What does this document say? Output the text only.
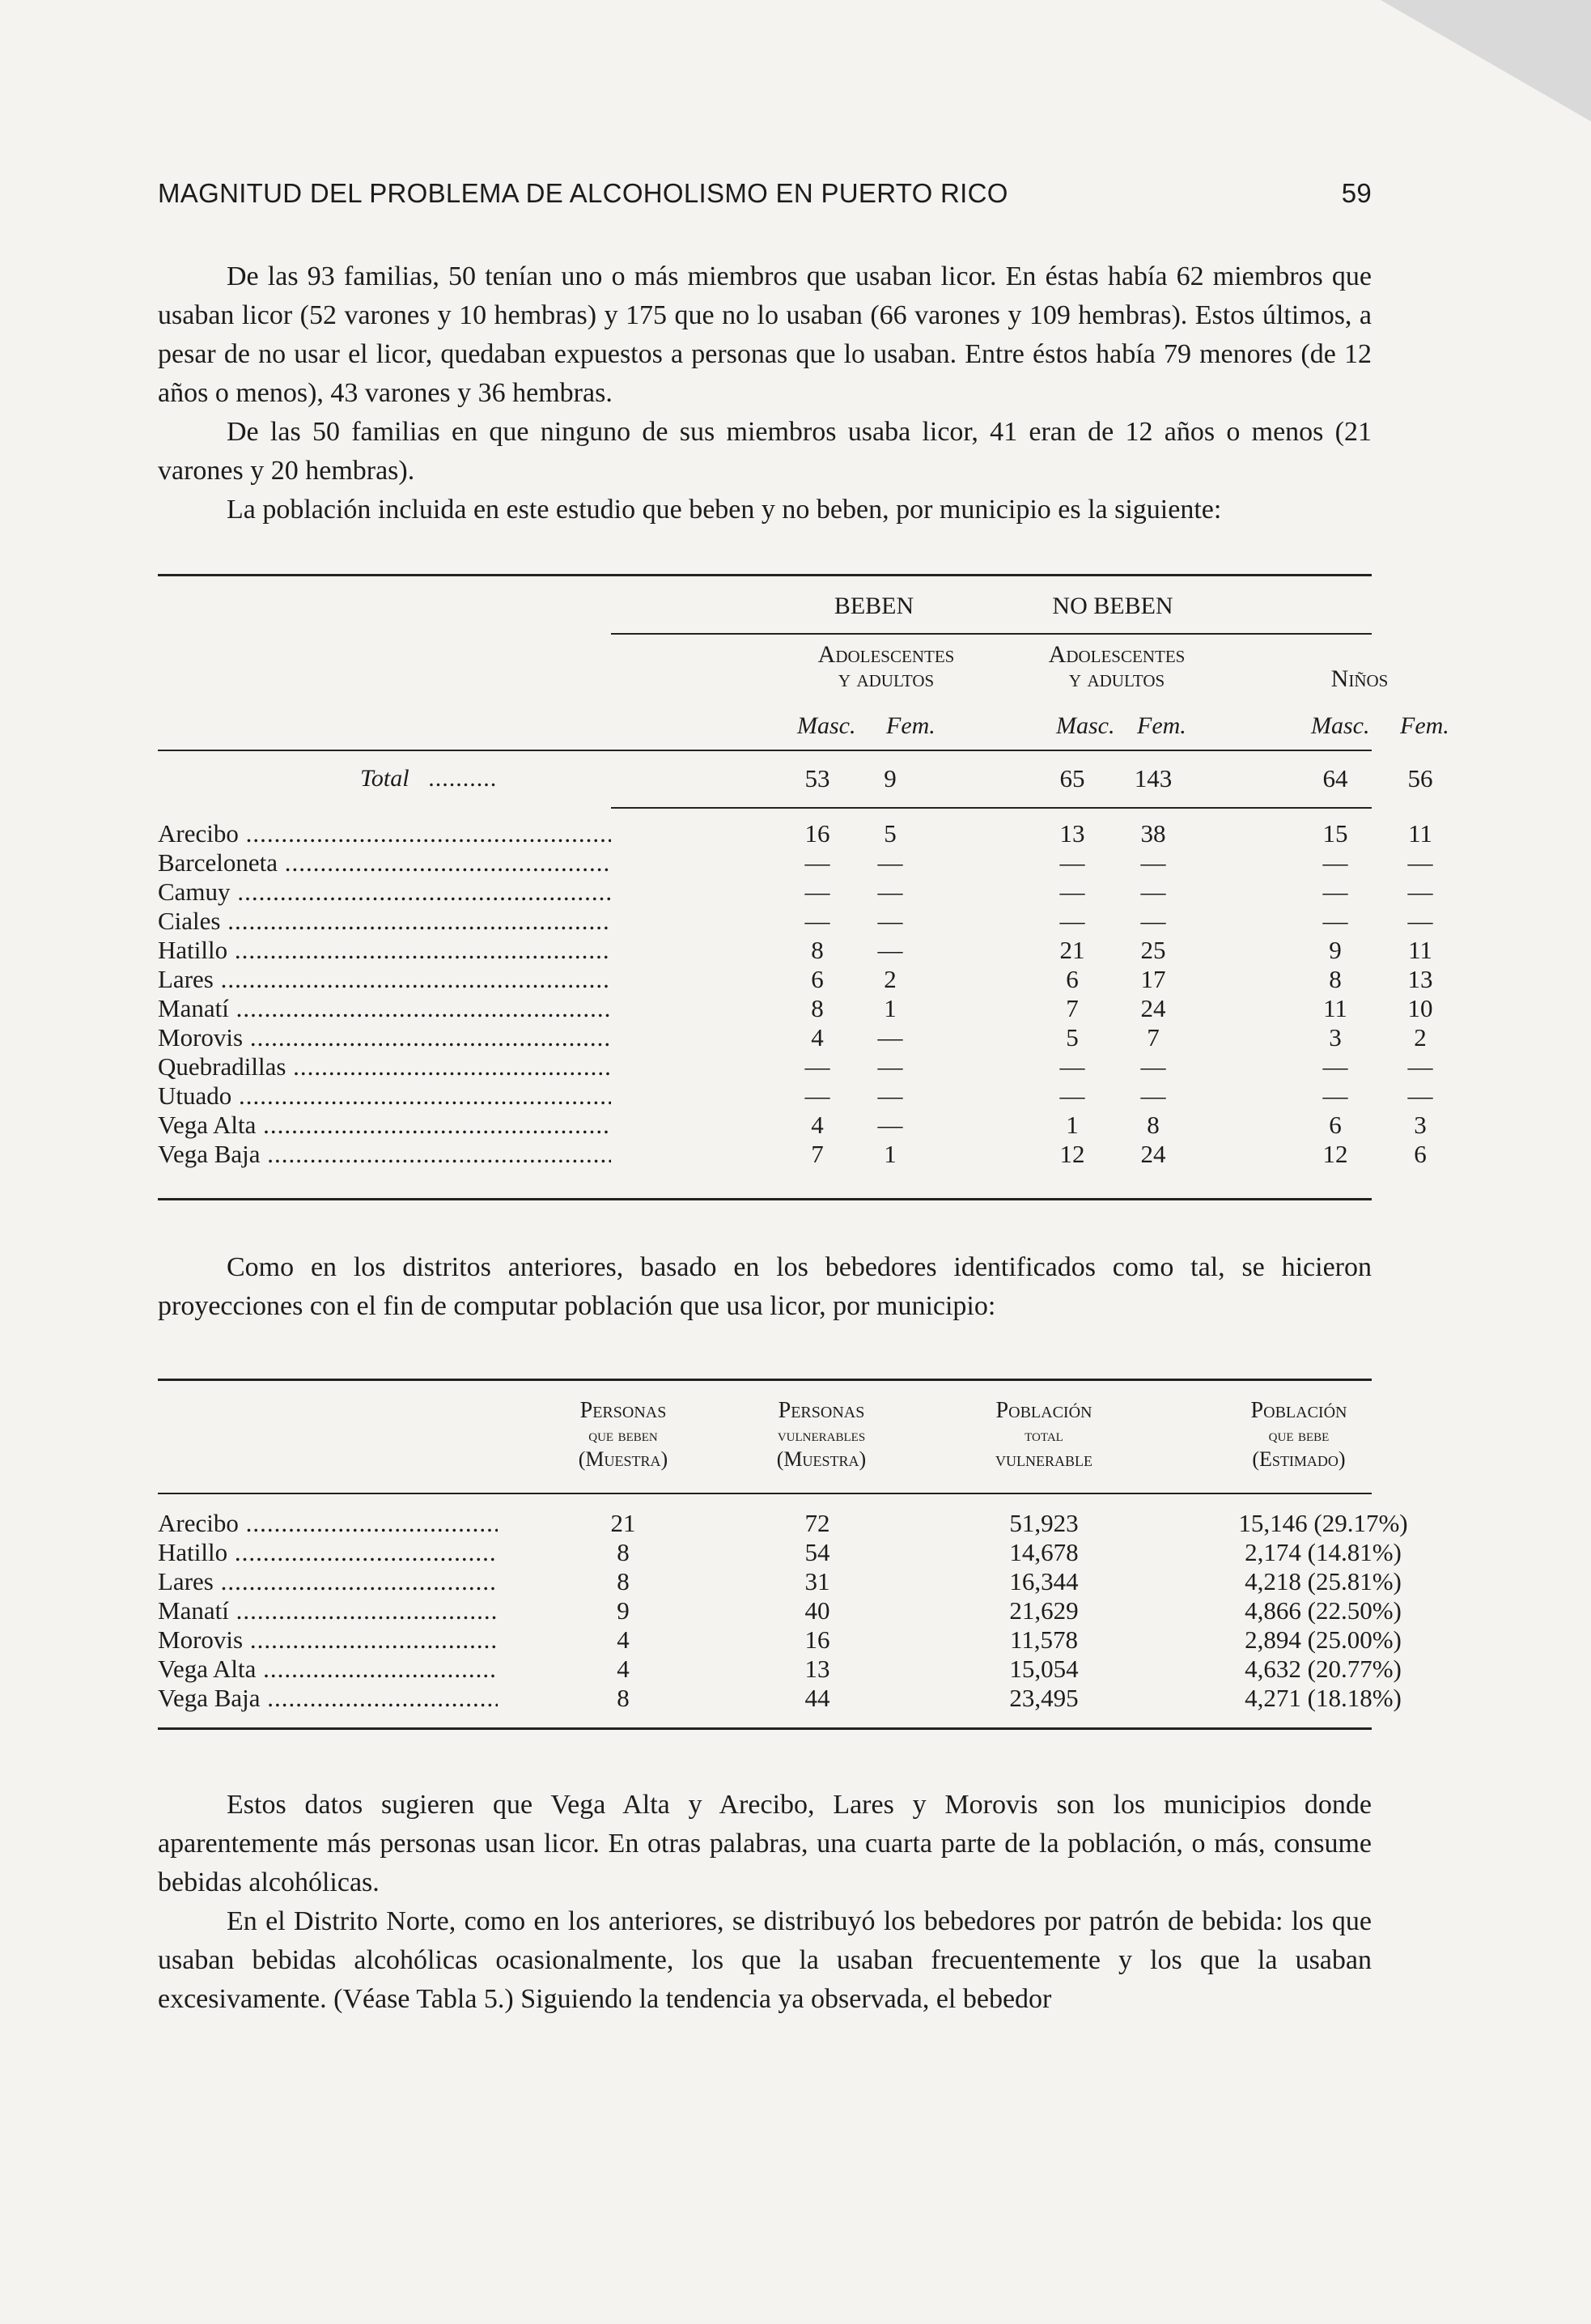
MAGNITUD DEL PROBLEMA DE ALCOHOLISMO EN PUERTO RICO	59

De las 93 familias, 50 tenían uno o más miembros que usaban licor. En éstas había 62 miembros que usaban licor (52 varones y 10 hembras) y 175 que no lo usaban (66 varones y 109 hembras). Estos últimos, a pesar de no usar el licor, quedaban expuestos a personas que lo usaban. Entre éstos había 79 menores (de 12 años o menos), 43 varones y 36 hembras.

De las 50 familias en que ninguno de sus miembros usaba licor, 41 eran de 12 años o menos (21 varones y 20 hembras).

La población incluida en este estudio que beben y no beben, por municipio es la siguiente:

BEBEN	NO BEBEN
Adolescentes
y adultos
Adolescentes
y adultos	Niños
Masc. Fem.	Masc. Fem.	Masc. Fem.
Total ..........	53	9	65	143	64	56
Arecibo .....	16	5	13	38	15	11
Barceloneta .....	—	—	—	—	—	—
Camuy .....	—	—	—	—	—	—
Ciales .....	—	—	—	—	—	—
Hatillo .....	8	—	21	25	9	11
Lares .....	6	2	6	17	8	13
Manatí .....	8	1	7	24	11	10
Morovis .....	4	—	5	7	3	2
Quebradillas .....	—	—	—	—	—	—
Utuado .....	—	—	—	—	—	—
Vega Alta .....	4	—	1	8	6	3
Vega Baja .....	7	1	12	24	12	6

Como en los distritos anteriores, basado en los bebedores identificados como tal, se hicieron proyecciones con el fin de computar población que usa licor, por municipio:

Personas
que beben
(Muestra)
Personas
vulnerables
(Muestra)
Población
total
vulnerable
Población
que bebe
(Estimado)
Arecibo .....	21	72	51,923	15,146 (29.17%)
Hatillo .....	8	54	14,678	2,174 (14.81%)
Lares .....	8	31	16,344	4,218 (25.81%)
Manatí .....	9	40	21,629	4,866 (22.50%)
Morovis .....	4	16	11,578	2,894 (25.00%)
Vega Alta .....	4	13	15,054	4,632 (20.77%)
Vega Baja .....	8	44	23,495	4,271 (18.18%)

Estos datos sugieren que Vega Alta y Arecibo, Lares y Morovis son los municipios donde aparentemente más personas usan licor. En otras palabras, una cuarta parte de la población, o más, consume bebidas alcohólicas.

En el Distrito Norte, como en los anteriores, se distribuyó los bebedores por patrón de bebida: los que usaban bebidas alcohólicas ocasionalmente, los que la usaban frecuentemente y los que la usaban excesivamente. (Véase Tabla 5.) Siguiendo la tendencia ya observada, el bebedor
